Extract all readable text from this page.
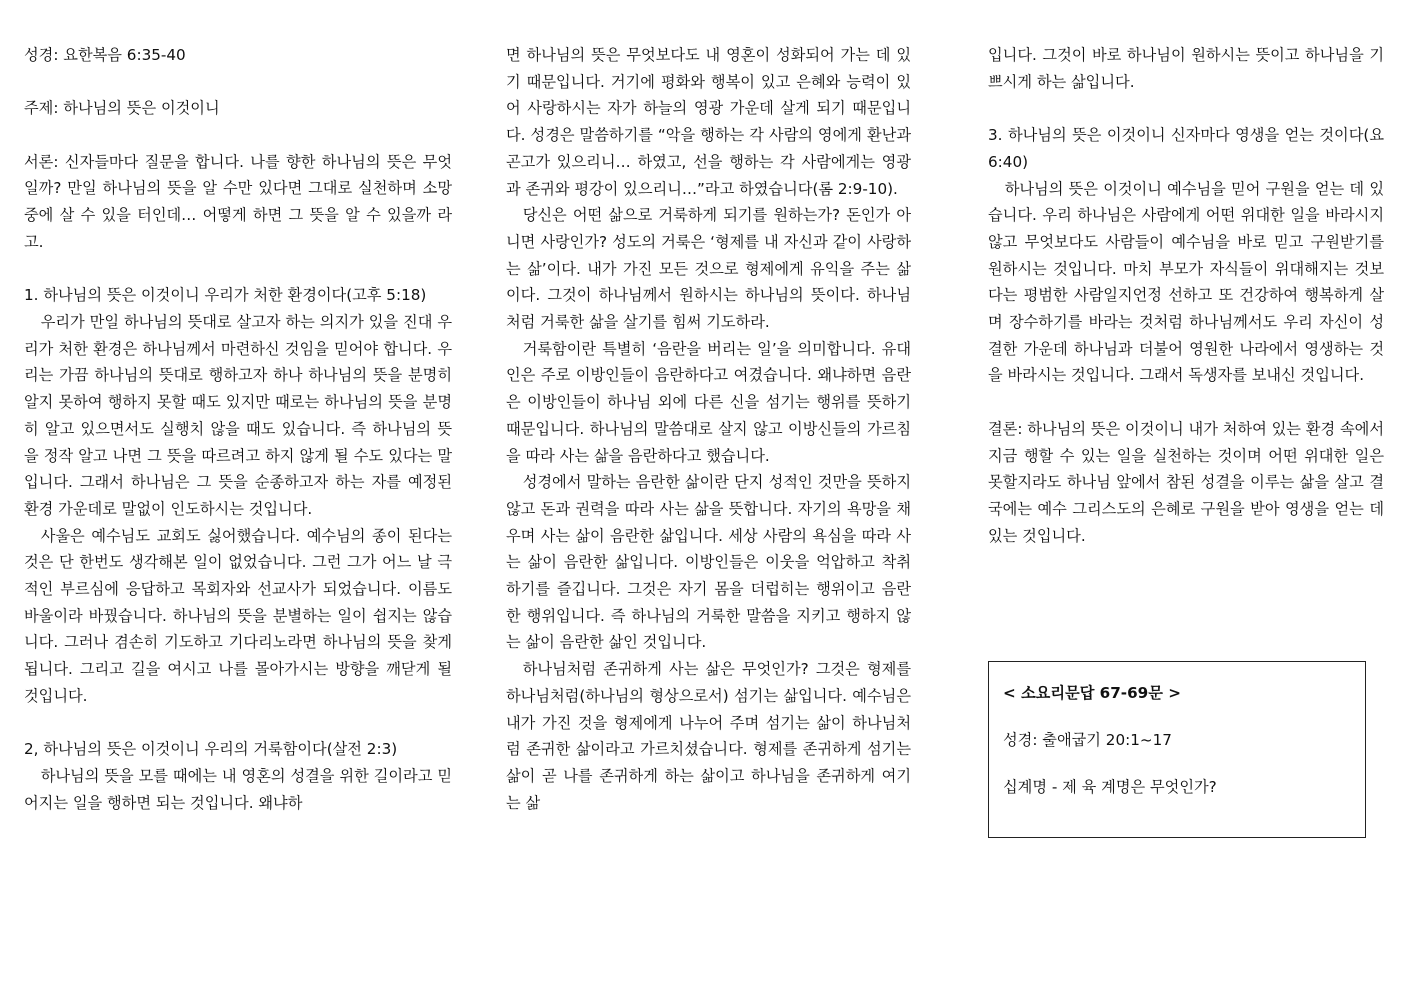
성경: 요한복음 6:35-40

주제: 하나님의 뜻은 이것이니

서론: 신자들마다 질문을 합니다. 나를 향한 하나님의 뜻은 무엇일까? 만일 하나님의 뜻을 알 수만 있다면 그대로 실천하며 소망 중에 살 수 있을 터인데… 어떻게 하면 그 뜻을 알 수 있을까 라고.

1. 하나님의 뜻은 이것이니 우리가 처한 환경이다(고후 5:18)

우리가 만일 하나님의 뜻대로 살고자 하는 의지가 있을 진대 우리가 처한 환경은 하나님께서 마련하신 것임을 믿어야 합니다. 우리는 가끔 하나님의 뜻대로 행하고자 하나 하나님의 뜻을 분명히 알지 못하여 행하지 못할 때도 있지만 때로는 하나님의 뜻을 분명히 알고 있으면서도 실행치 않을 때도 있습니다. 즉 하나님의 뜻을 정작 알고 나면 그 뜻을 따르려고 하지 않게 될 수도 있다는 말입니다. 그래서 하나님은 그 뜻을 순종하고자 하는 자를 예정된 환경 가운데로 말없이 인도하시는 것입니다.

사울은 예수님도 교회도 싫어했습니다. 예수님의 종이 된다는 것은 단 한번도 생각해본 일이 없었습니다. 그런 그가 어느 날 극적인 부르심에 응답하고 목회자와 선교사가 되었습니다. 이름도 바울이라 바꿨습니다. 하나님의 뜻을 분별하는 일이 쉽지는 않습니다. 그러나 겸손히 기도하고 기다리노라면 하나님의 뜻을 찾게 됩니다. 그리고 길을 여시고 나를 몰아가시는 방향을 깨닫게 될 것입니다.

2, 하나님의 뜻은 이것이니 우리의 거룩함이다(살전 2:3)

하나님의 뜻을 모를 때에는 내 영혼의 성결을 위한 길이라고 믿어지는 일을 행하면 되는 것입니다. 왜냐하

면 하나님의 뜻은 무엇보다도 내 영혼이 성화되어 가는 데 있기 때문입니다. 거기에 평화와 행복이 있고 은혜와 능력이 있어 사랑하시는 자가 하늘의 영광 가운데 살게 되기 때문입니다. 성경은 말씀하기를 “악을 행하는 각 사람의 영에게 환난과 곤고가 있으리니… 하였고, 선을 행하는 각 사람에게는 영광과 존귀와 평강이 있으리니…”라고 하였습니다(롬 2:9-10).

당신은 어떤 삶으로 거룩하게 되기를 원하는가? 돈인가 아니면 사랑인가? 성도의 거룩은 ‘형제를 내 자신과 같이 사랑하는 삶’이다. 내가 가진 모든 것으로 형제에게 유익을 주는 삶이다. 그것이 하나님께서 원하시는 하나님의 뜻이다. 하나님처럼 거룩한 삶을 살기를 힘써 기도하라.

거룩함이란 특별히 ‘음란을 버리는 일’을 의미합니다. 유대인은 주로 이방인들이 음란하다고 여겼습니다. 왜냐하면 음란은 이방인들이 하나님 외에 다른 신을 섬기는 행위를 뜻하기 때문입니다. 하나님의 말씀대로 살지 않고 이방신들의 가르침을 따라 사는 삶을 음란하다고 했습니다.

성경에서 말하는 음란한 삶이란 단지 성적인 것만을 뜻하지 않고 돈과 권력을 따라 사는 삶을 뜻합니다. 자기의 욕망을 채우며 사는 삶이 음란한 삶입니다. 세상 사람의 욕심을 따라 사는 삶이 음란한 삶입니다. 이방인들은 이웃을 억압하고 착취하기를 즐깁니다. 그것은 자기 몸을 더럽히는 행위이고 음란한 행위입니다. 즉 하나님의 거룩한 말씀을 지키고 행하지 않는 삶이 음란한 삶인 것입니다.

하나님처럼 존귀하게 사는 삶은 무엇인가? 그것은 형제를 하나님처럼(하나님의 형상으로서) 섬기는 삶입니다. 예수님은 내가 가진 것을 형제에게 나누어 주며 섬기는 삶이 하나님처럼 존귀한 삶이라고 가르치셨습니다. 형제를 존귀하게 섬기는 삶이 곧 나를 존귀하게 하는 삶이고 하나님을 존귀하게 여기는 삶

입니다. 그것이 바로 하나님이 원하시는 뜻이고 하나님을 기쁘시게 하는 삶입니다.

3. 하나님의 뜻은 이것이니 신자마다 영생을 얻는 것이다(요 6:40)

하나님의 뜻은 이것이니 예수님을 믿어 구원을 얻는 데 있습니다. 우리 하나님은 사람에게 어떤 위대한 일을 바라시지 않고 무엇보다도 사람들이 예수님을 바로 믿고 구원받기를 원하시는 것입니다. 마치 부모가 자식들이 위대해지는 것보다는 평범한 사람일지언정 선하고 또 건강하여 행복하게 살며 장수하기를 바라는 것처럼 하나님께서도 우리 자신이 성결한 가운데 하나님과 더불어 영원한 나라에서 영생하는 것을 바라시는 것입니다. 그래서 독생자를 보내신 것입니다.

결론: 하나님의 뜻은 이것이니 내가 처하여 있는 환경 속에서 지금 행할 수 있는 일을 실천하는 것이며 어떤 위대한 일은 못할지라도 하나님 앞에서 참된 성결을 이루는 삶을 살고 결국에는 예수 그리스도의 은혜로 구원을 받아 영생을 얻는 데 있는 것입니다.

< 소요리문답 67-69문 >

성경: 출애굽기 20:1~17

십계명 - 제 육 계명은 무엇인가?
